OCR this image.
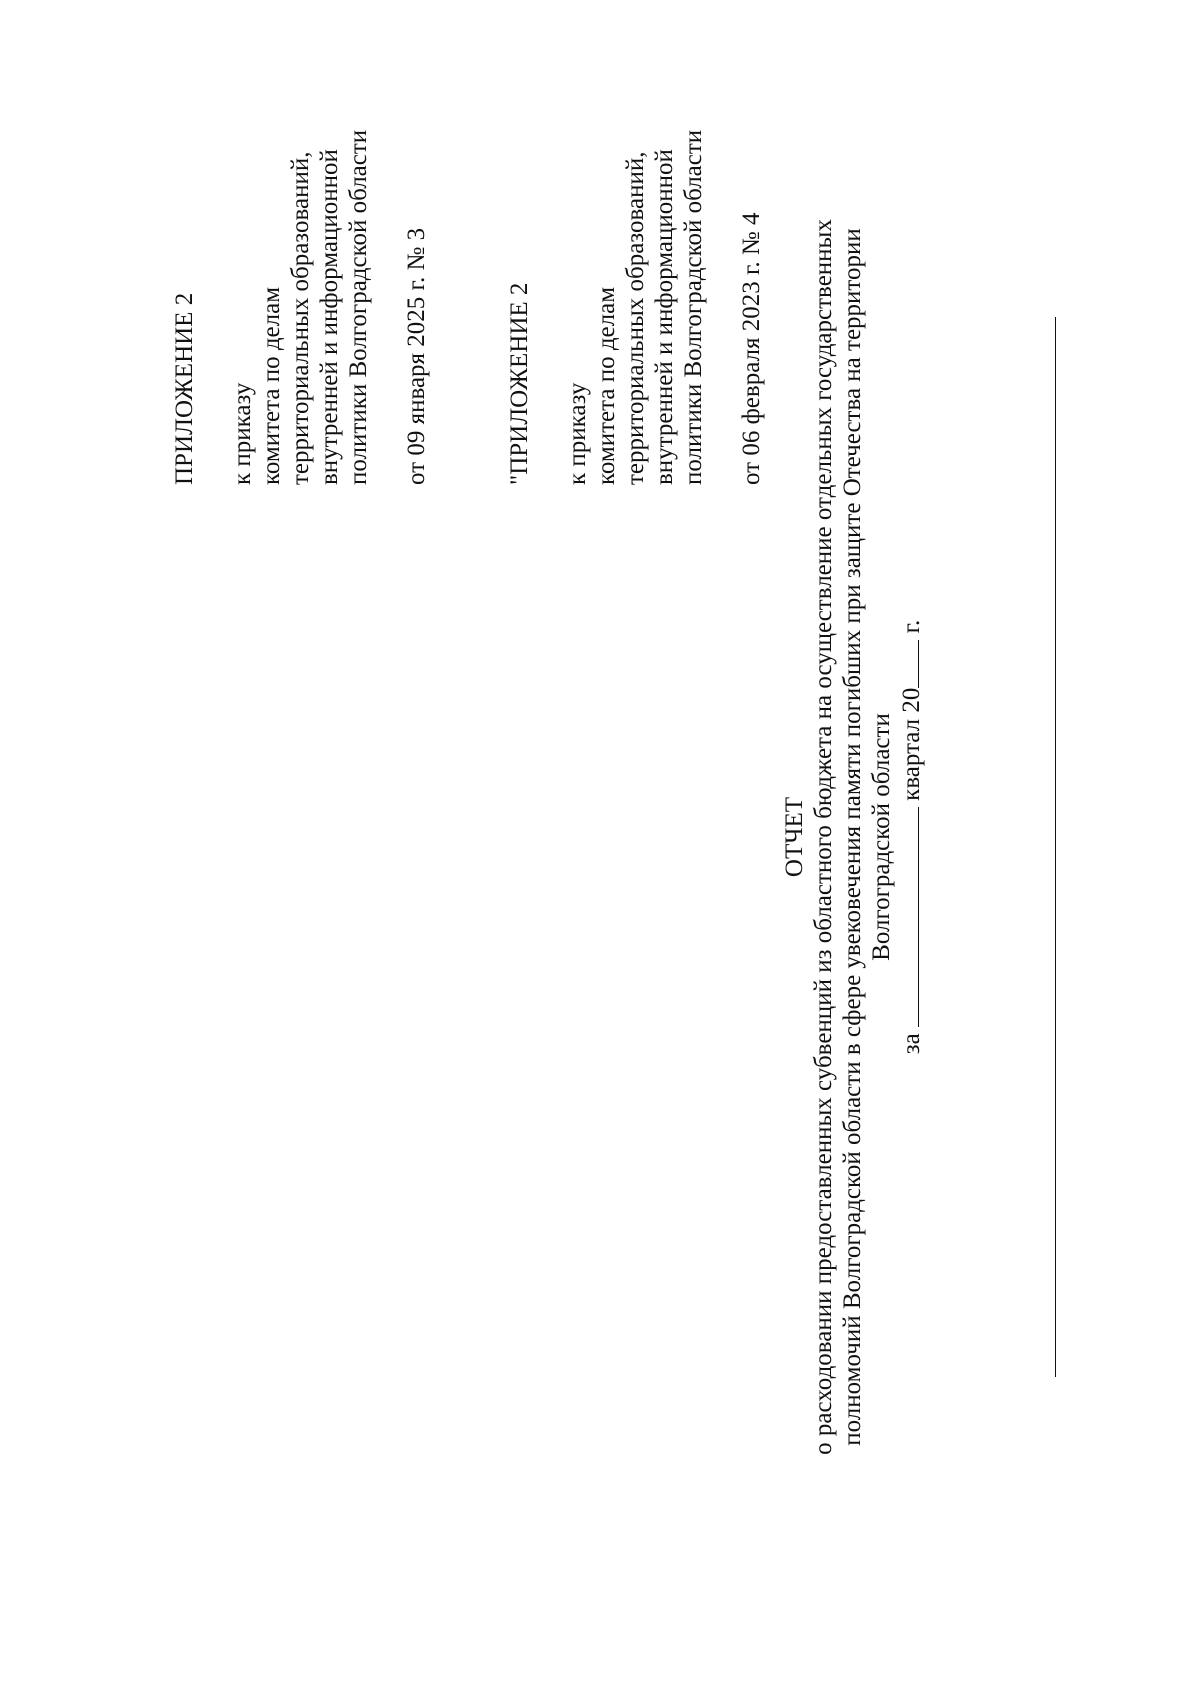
ПРИЛОЖЕНИЕ 2 к приказу комитета по делам территориальных образований, внутренней и информационной политики Волгоградской области от 09 января 2025 г. № 3	"ПРИЛОЖЕНИЕ 2 к приказу комитета по делам территориальных образований, внутренней и информационной политики Волгоградской области от 06 февраля 2023 г. № 4
ОТЧЕТ о расходовании предоставленных субвенций из областного бюджета на осуществление отдельных государственных полномочий Волгоградской области в сфере увековечения памяти погибших при защите Отечества на территории Волгоградской области
за  квартал 20 г.
